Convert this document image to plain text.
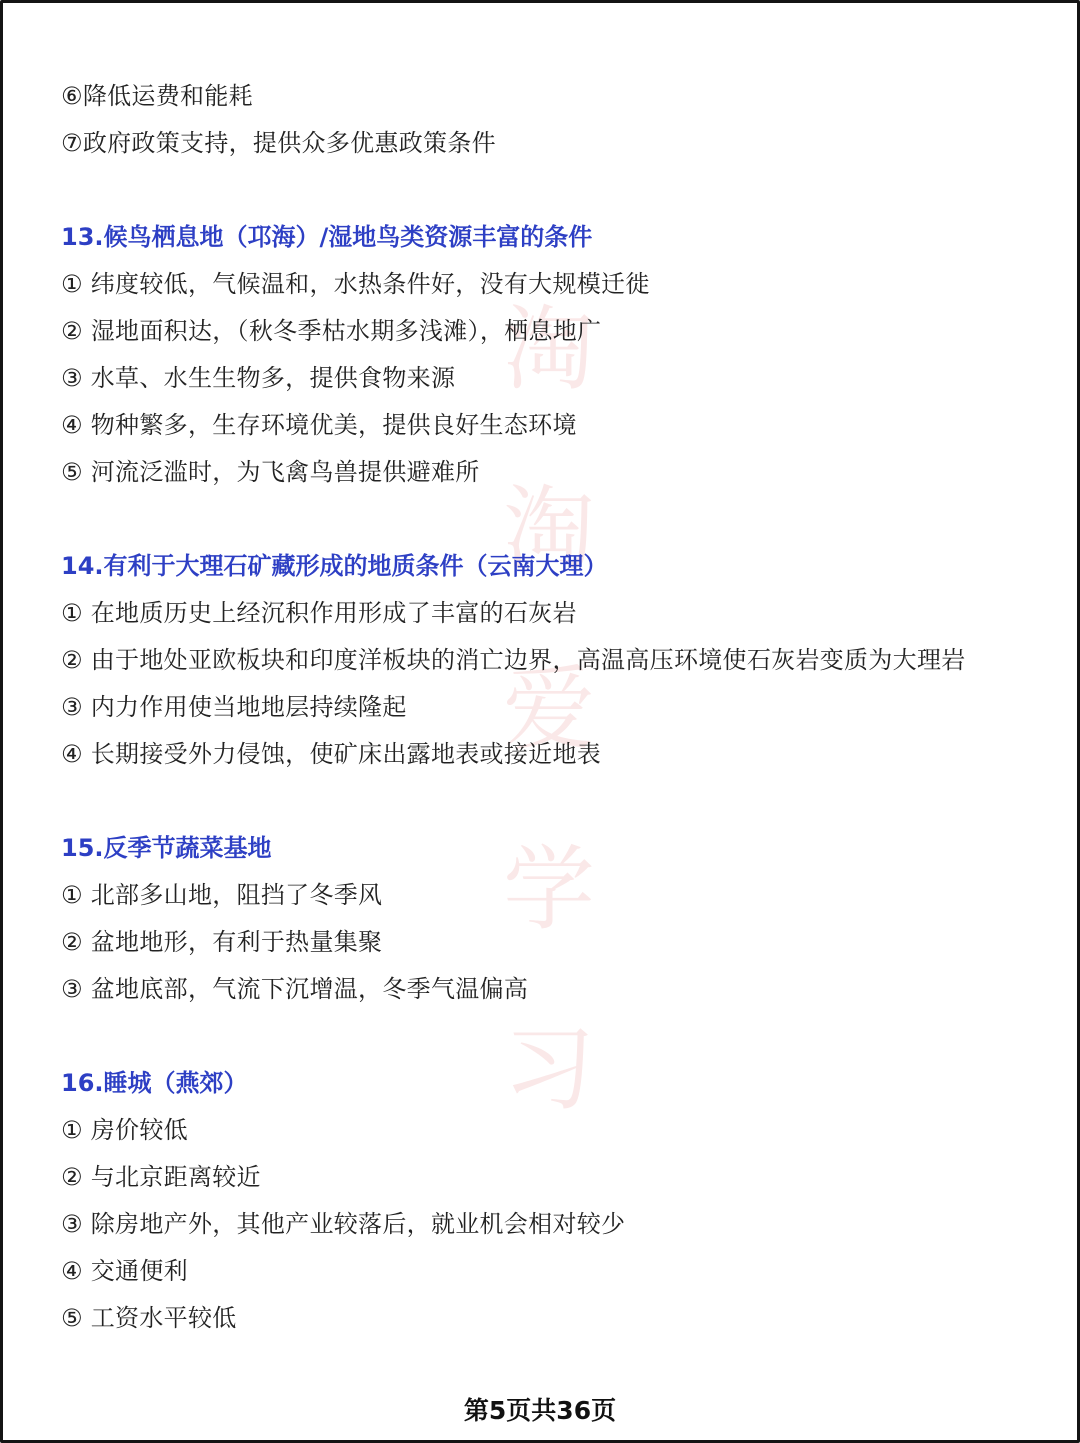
淘
淘
爱
学
习
⑥降低运费和能耗
⑦政府政策支持，提供众多优惠政策条件
13.候鸟栖息地（邛海）/湿地鸟类资源丰富的条件
① 纬度较低，气候温和，水热条件好，没有大规模迁徙
② 湿地面积达，（秋冬季枯水期多浅滩），栖息地广
③ 水草、水生生物多，提供食物来源
④ 物种繁多，生存环境优美，提供良好生态环境
⑤ 河流泛滥时，为飞禽鸟兽提供避难所
14.有利于大理石矿藏形成的地质条件（云南大理）
① 在地质历史上经沉积作用形成了丰富的石灰岩
② 由于地处亚欧板块和印度洋板块的消亡边界，高温高压环境使石灰岩变质为大理岩
③ 内力作用使当地地层持续隆起
④ 长期接受外力侵蚀，使矿床出露地表或接近地表
15.反季节蔬菜基地
① 北部多山地，阻挡了冬季风
② 盆地地形，有利于热量集聚
③ 盆地底部，气流下沉增温，冬季气温偏高
16.睡城（燕郊）
① 房价较低
② 与北京距离较近
③ 除房地产外，其他产业较落后，就业机会相对较少
④ 交通便利
⑤ 工资水平较低
第5页共36页
